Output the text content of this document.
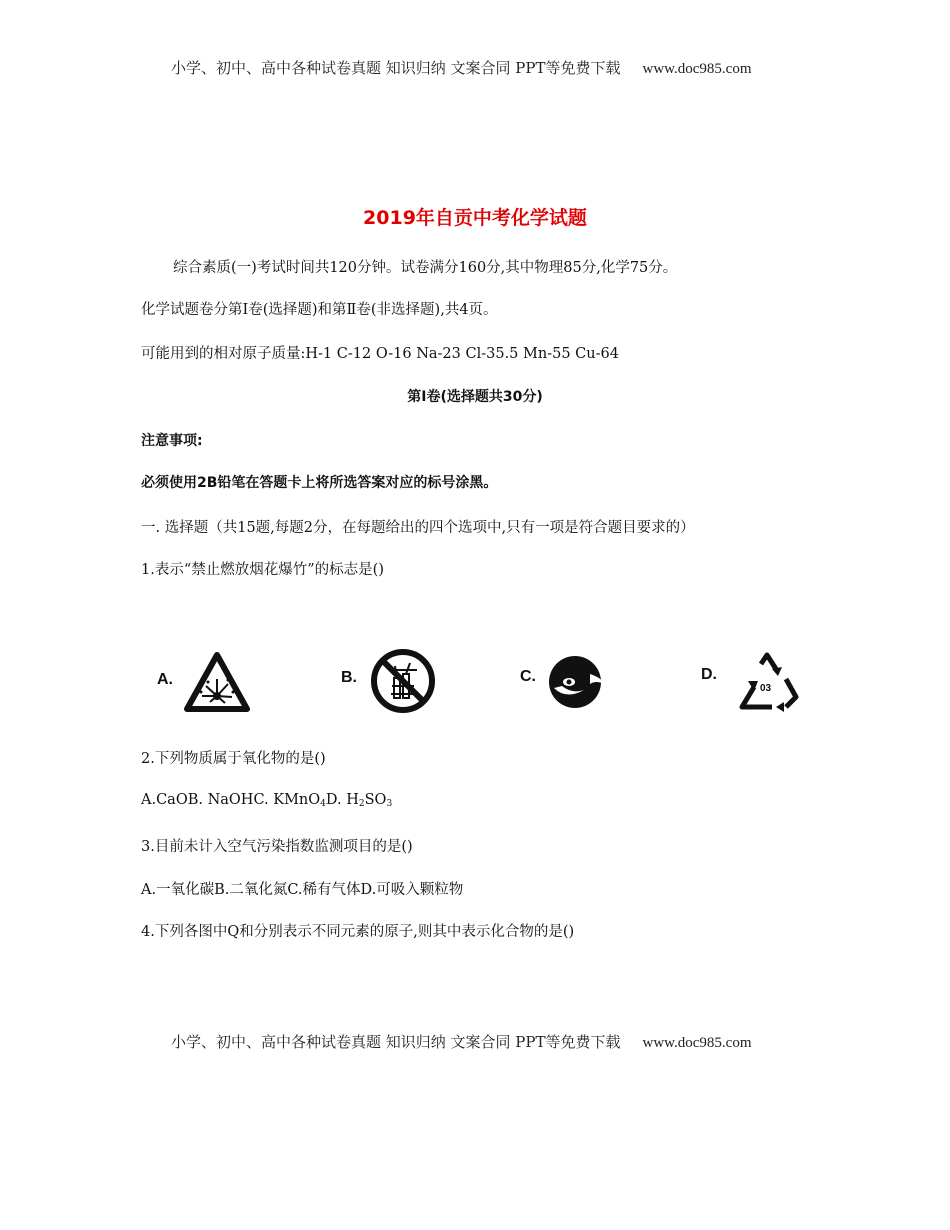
小学、初中、高中各种试卷真题 知识归纳 文案合同 PPT等免费下载 www.doc985.com
2019年自贡中考化学试题
综合素质(一)考试时间共120分钟。试卷满分160分,其中物理85分,化学75分。
化学试题卷分第Ⅰ卷(选择题)和第Ⅱ卷(非选择题),共4页。
可能用到的相对原子质量:H-1 C-12 O-16 Na-23 Cl-35.5 Mn-55 Cu-64
第Ⅰ卷(选择题共30分)
注意事项:
必须使用2B铅笔在答题卡上将所选答案对应的标号涂黑。
一. 选择题（共15题,每题2分，在每题给出的四个选项中,只有一项是符合题目要求的）
1.表示“禁止燃放烟花爆竹”的标志是()
A.	B.	C.	D.
03
2.下列物质属于氧化物的是()
A.CaOB. NaOHC. KMnO$_4$D. $H_2SO_3$
3.目前未计入空气污染指数监测项目的是()
A.一氧化碳B.二氧化氮C.稀有气体D.可吸入颗粒物
4.下列各图中Q和分别表示不同元素的原子,则其中表示化合物的是()
小学、初中、高中各种试卷真题 知识归纳 文案合同 PPT等免费下载 www.doc985.com
